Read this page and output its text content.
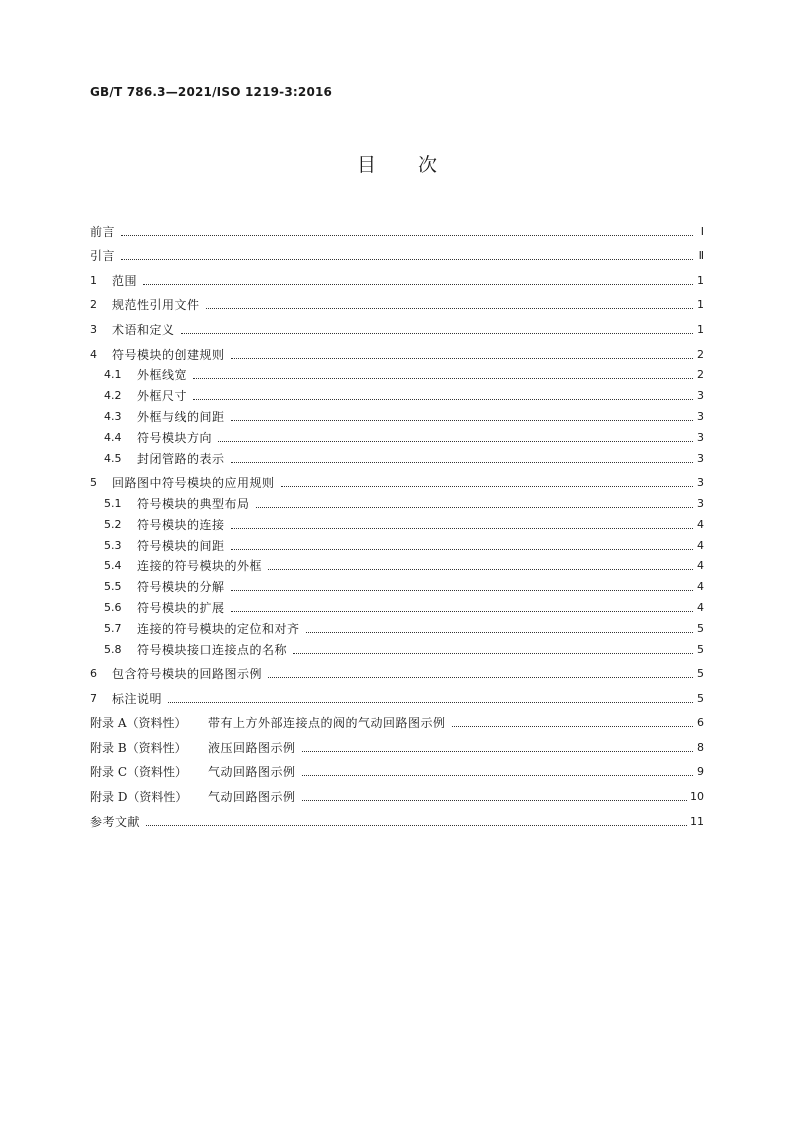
GB/T 786.3—2021/ISO 1219-3:2016
目次
前言	Ⅰ
引言	Ⅱ
1	范围	1
2	规范性引用文件	1
3	术语和定义	1
4	符号模块的创建规则	2
4.1	外框线宽	2
4.2	外框尺寸	3
4.3	外框与线的间距	3
4.4	符号模块方向	3
4.5	封闭管路的表示	3
5	回路图中符号模块的应用规则	3
5.1	符号模块的典型布局	3
5.2	符号模块的连接	4
5.3	符号模块的间距	4
5.4	连接的符号模块的外框	4
5.5	符号模块的分解	4
5.6	符号模块的扩展	4
5.7	连接的符号模块的定位和对齐	5
5.8	符号模块接口连接点的名称	5
6	包含符号模块的回路图示例	5
7	标注说明	5
附录 A（资料性）	带有上方外部连接点的阀的气动回路图示例	6
附录 B（资料性）	液压回路图示例	8
附录 C（资料性）	气动回路图示例	9
附录 D（资料性）	气动回路图示例	10
参考文献	11
